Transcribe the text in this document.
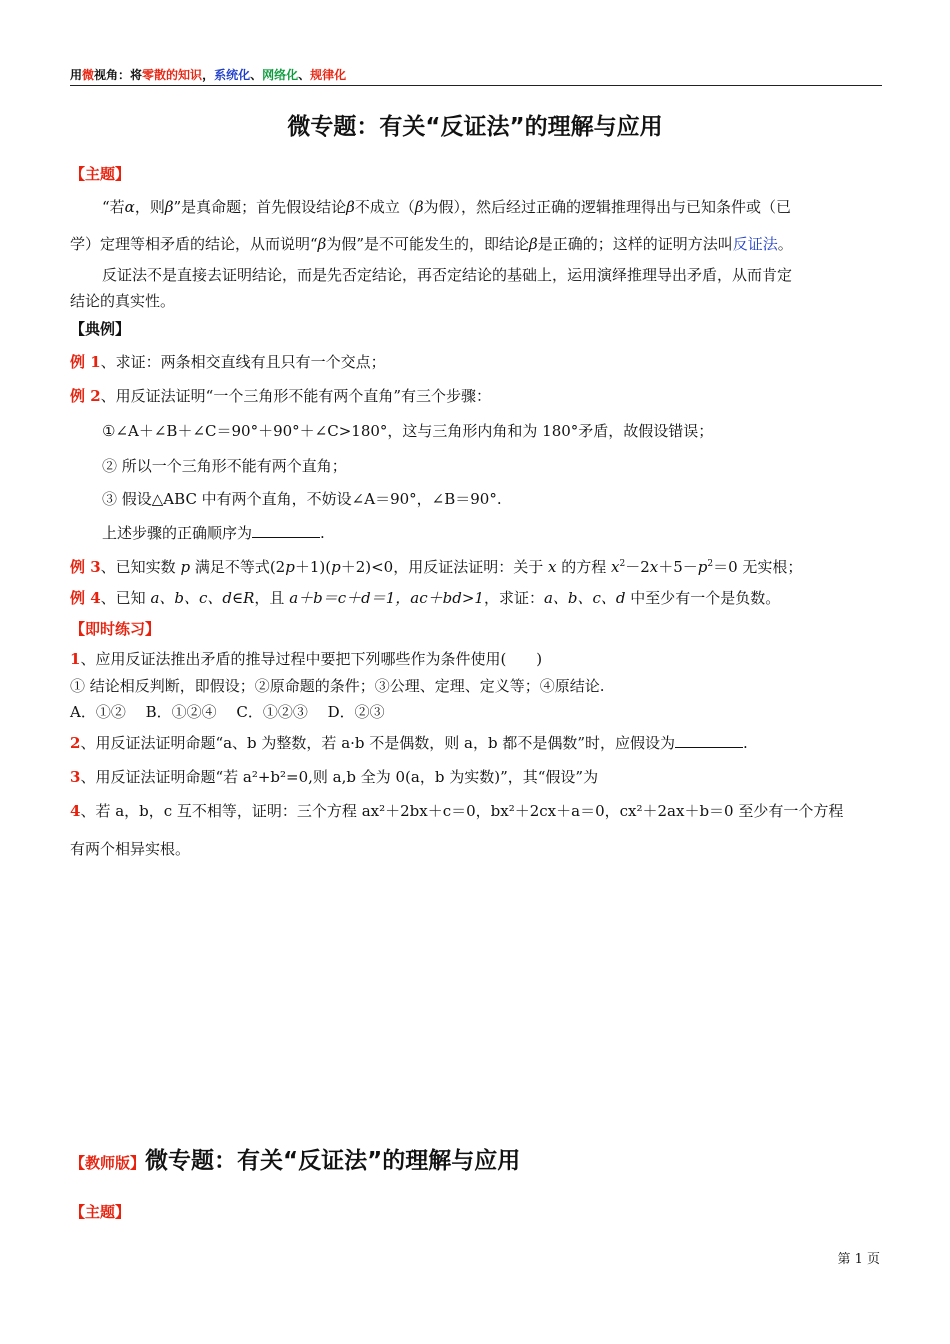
用微视角：将零散的知识，系统化、网络化、规律化
微专题：有关“反证法”的理解与应用
【主题】
“若α，则β”是真命题；首先假设结论β不成立（β为假），然后经过正确的逻辑推理得出与已知条件或（已
学）定理等相矛盾的结论，从而说明“β为假”是不可能发生的，即结论β是正确的；这样的证明方法叫反证法。
反证法不是直接去证明结论，而是先否定结论，再否定结论的基础上，运用演绎推理导出矛盾，从而肯定
结论的真实性。
【典例】
例 1、求证：两条相交直线有且只有一个交点；
例 2、用反证法证明“一个三角形不能有两个直角”有三个步骤：
①∠A＋∠B＋∠C＝90°＋90°＋∠C>180°，这与三角形内角和为 180°矛盾，故假设错误；
② 所以一个三角形不能有两个直角；
③ 假设△ABC 中有两个直角，不妨设∠A＝90°，∠B＝90°.
上述步骤的正确顺序为	.
例 3、已知实数 p 满足不等式(2p＋1)(p＋2)<0，用反证法证明：关于 x 的方程 $x^2-2x+5-p^2=0$ 无实根；
例 4、已知 a、b、c、d∈R，且 a＋b＝c＋d＝1，ac＋bd>1，求证：a、b、c、d 中至少有一个是负数。
【即时练习】
1、应用反证法推出矛盾的推导过程中要把下列哪些作为条件使用(　　)
① 结论相反判断，即假设；②原命题的条件；③公理、定理、定义等；④原结论.
A．①②　 B．①②④　 C．①②③　 D．②③
2、用反证法证明命题“a、b 为整数，若 a·b 不是偶数，则 a，b 都不是偶数”时，应假设为	.
3、用反证法证明命题“若 a²+b²=0,则 a,b 全为 0(a，b 为实数)”，其“假设”为
4、若 a，b，c 互不相等，证明：三个方程 ax²＋2bx＋c＝0，bx²＋2cx＋a＝0，cx²＋2ax＋b＝0 至少有一个方程
有两个相异实根。
【教师版】微专题：有关“反证法”的理解与应用
【主题】
第 1 页
